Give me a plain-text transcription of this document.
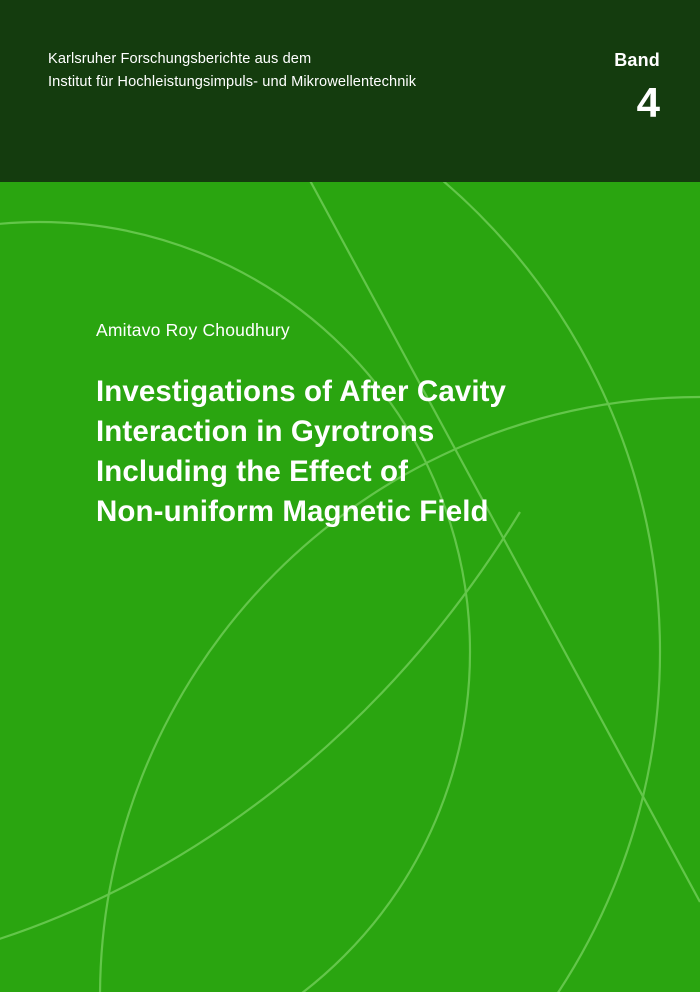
Karlsruher Forschungsberichte aus dem
Institut für Hochleistungsimpuls- und Mikrowellentechnik
Band
4
Amitavo Roy Choudhury
Investigations of After Cavity
Interaction in Gyrotrons
Including the Effect of
Non-uniform Magnetic Field
